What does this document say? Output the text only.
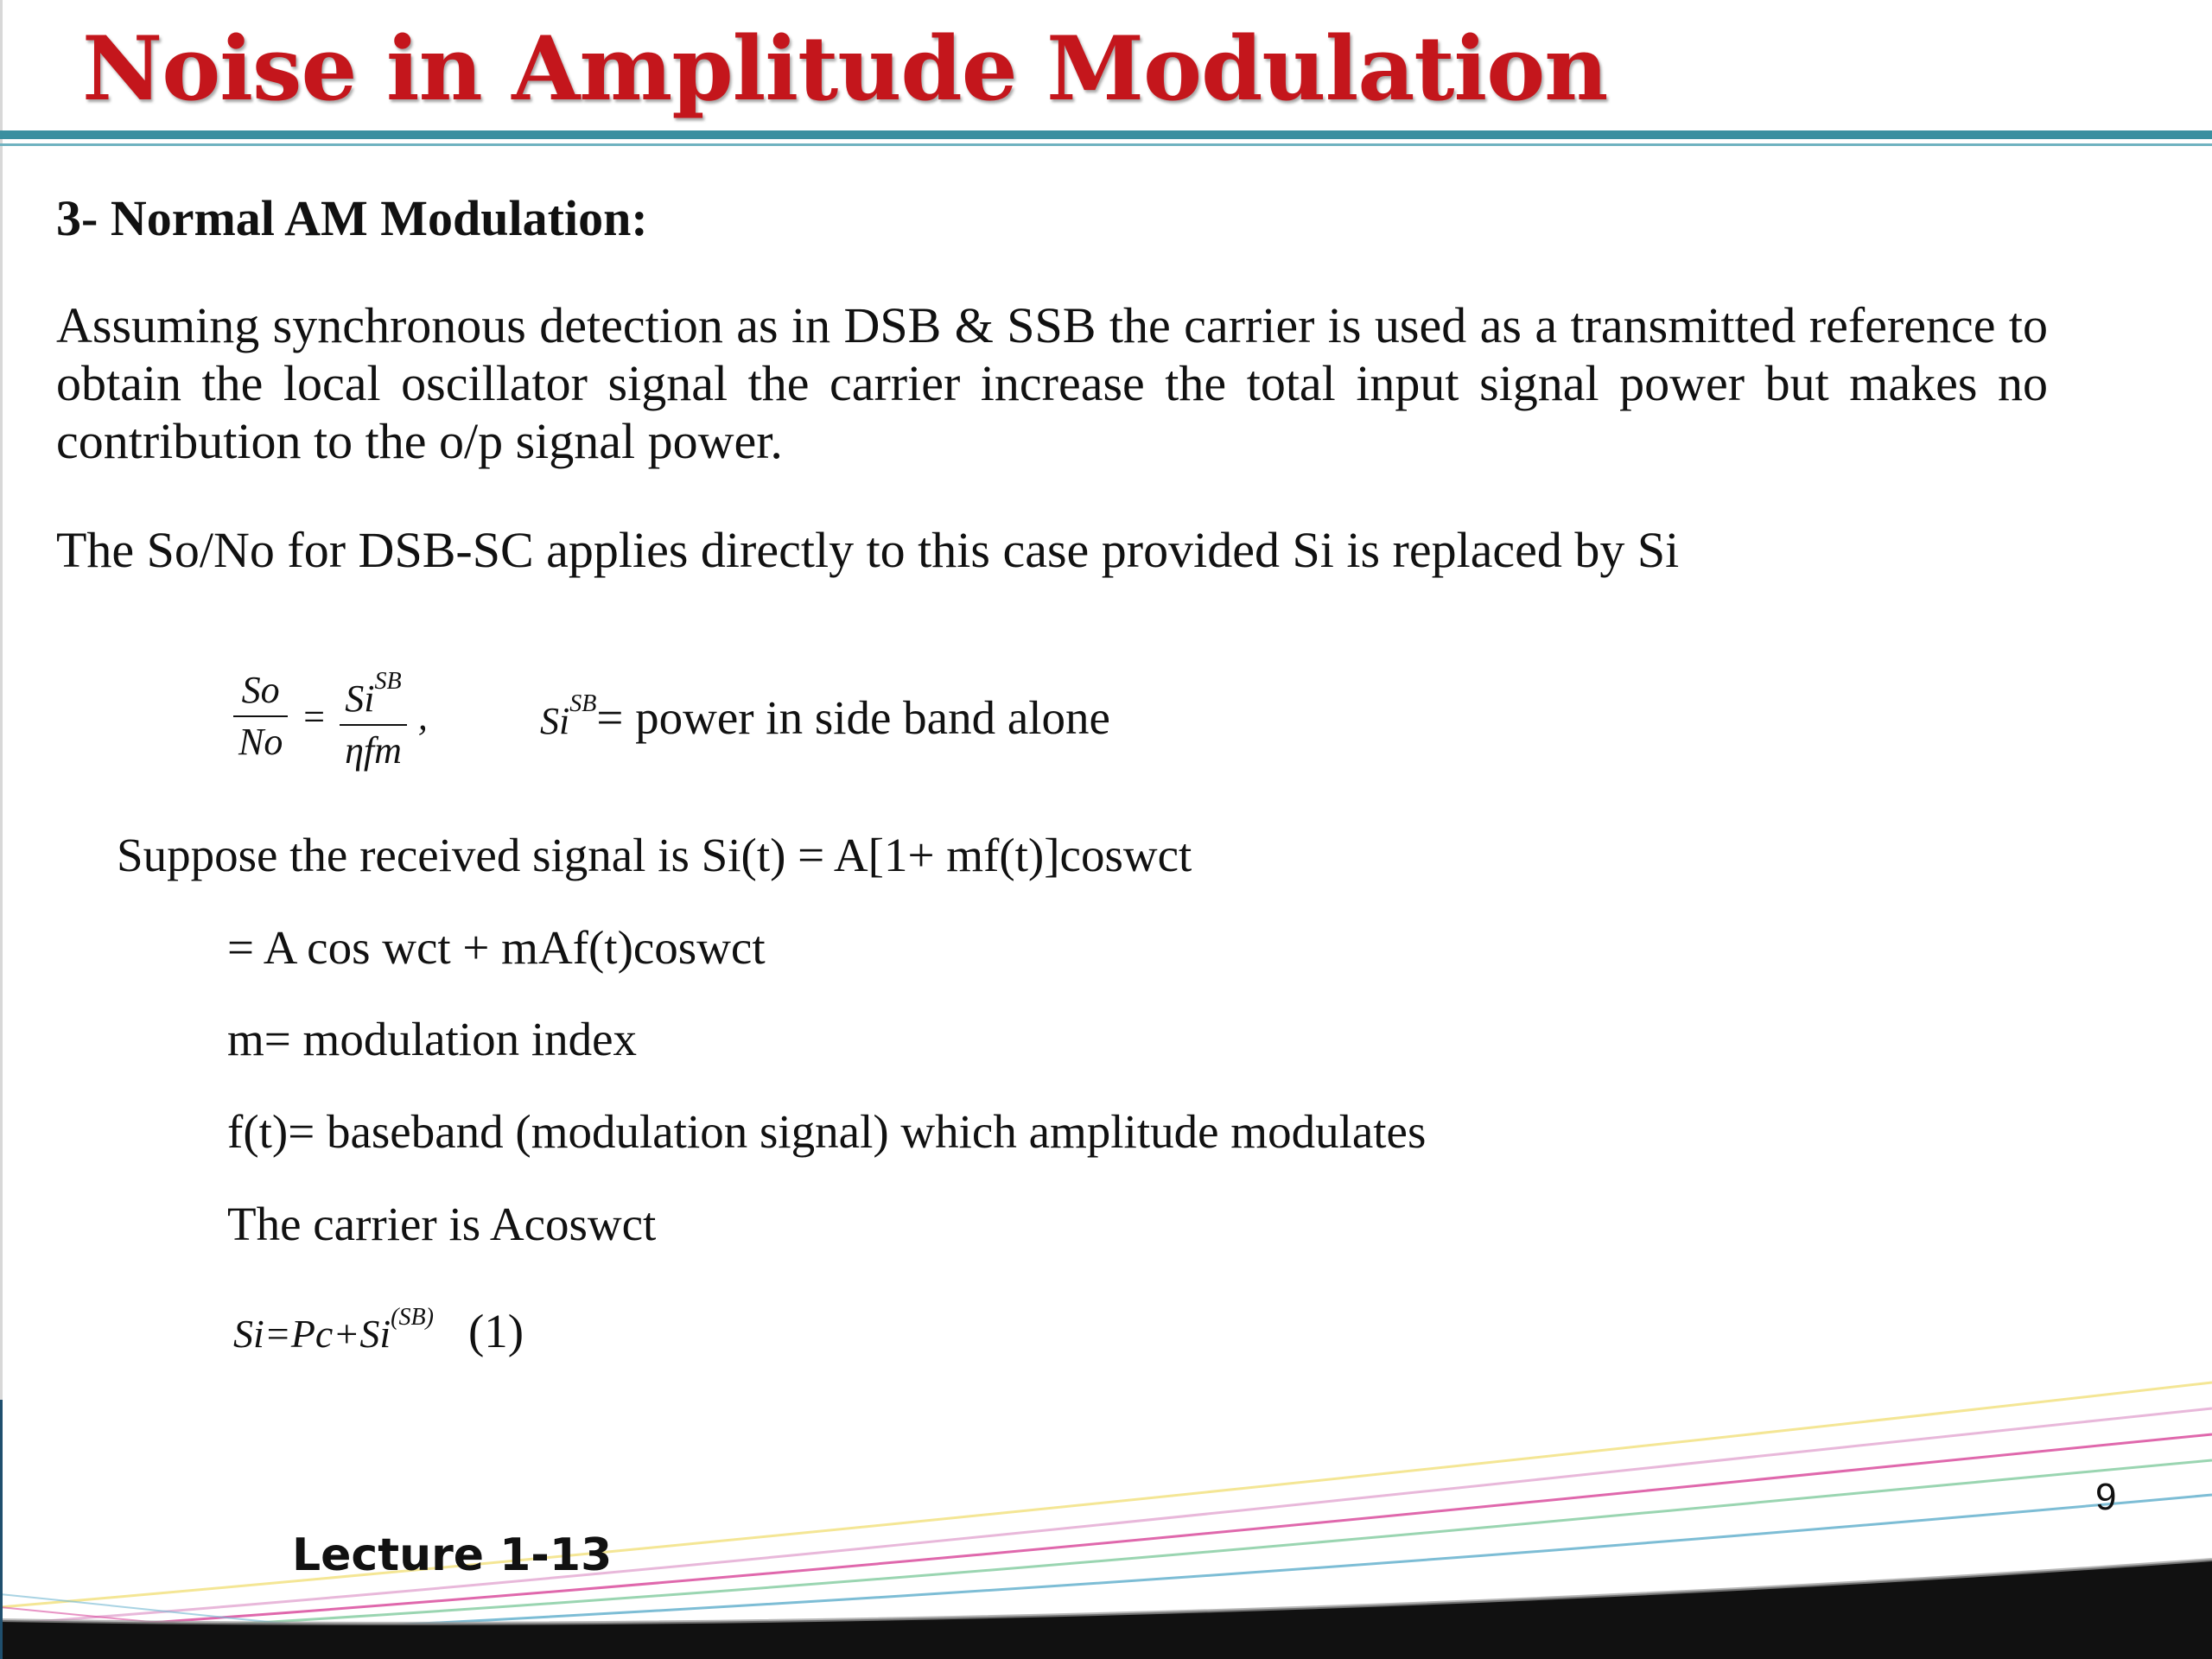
Noise in Amplitude Modulation
3- Normal AM Modulation:

Assuming synchronous detection as in DSB & SSB the carrier is used as a transmitted reference to obtain the local oscillator signal the carrier increase the total input signal power but makes no contribution to the o/p signal power.

The So/No for DSB-SC applies directly to this case provided Si is replaced by Si

$\frac{So}{No} = \frac{Si^{SB}}{\text{ηfm}}$ ,	$Si^{SB}=$ power in side band alone

Suppose the received signal is Si(t) = A[1+ mf(t)]coswct

= A cos wct + mAf(t)coswct

m= modulation index

f(t)= baseband (modulation signal) which amplitude modulates

The carrier is Acoswct

$Si=Pc+Si^{(SB)}$ (1)
9
Lecture 1-13
